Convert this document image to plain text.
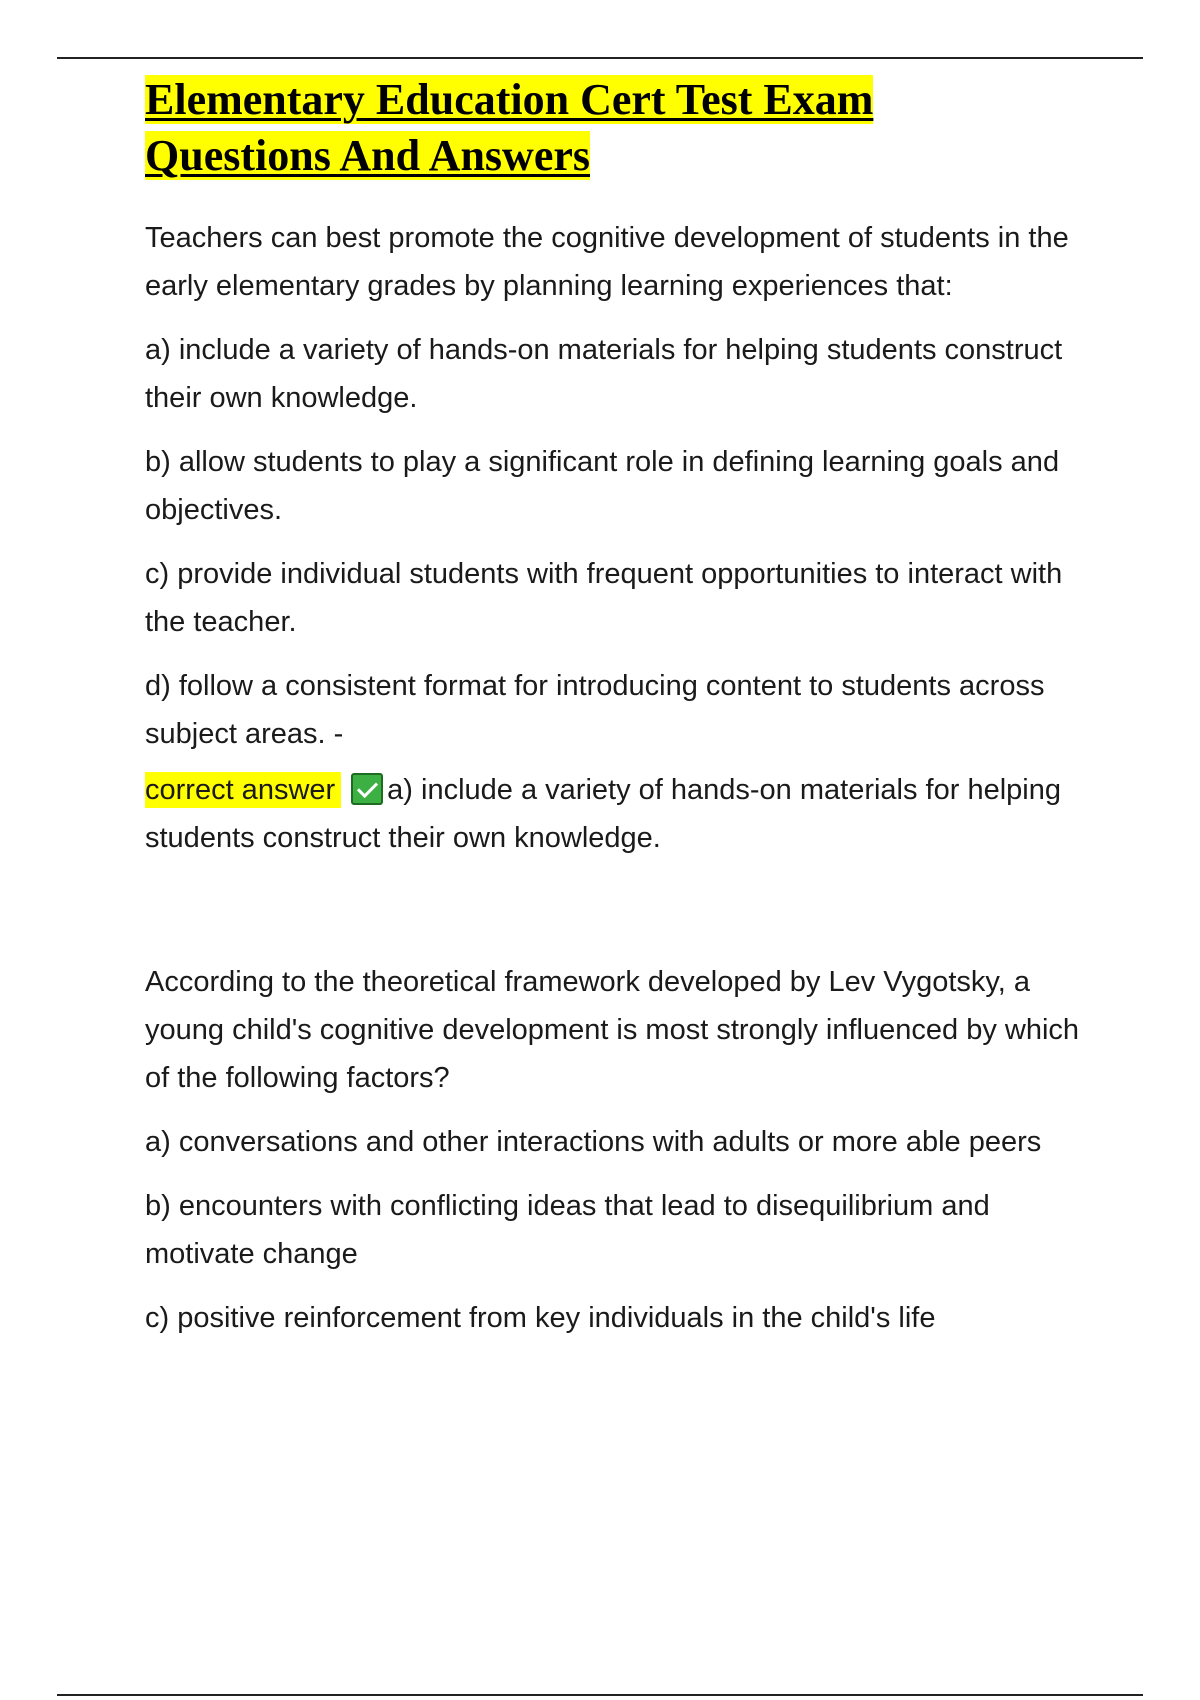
Elementary Education Cert Test Exam
Questions And Answers

Teachers can best promote the cognitive development of students in the early elementary grades by planning learning experiences that:

a) include a variety of hands-on materials for helping students construct their own knowledge.

b) allow students to play a significant role in defining learning goals and objectives.

c) provide individual students with frequent opportunities to interact with the teacher.

d) follow a consistent format for introducing content to students across subject areas. -

correct answer a) include a variety of hands-on materials for helping students construct their own knowledge.

According to the theoretical framework developed by Lev Vygotsky, a young child's cognitive development is most strongly influenced by which of the following factors?

a) conversations and other interactions with adults or more able peers

b) encounters with conflicting ideas that lead to disequilibrium and motivate change

c) positive reinforcement from key individuals in the child's life
